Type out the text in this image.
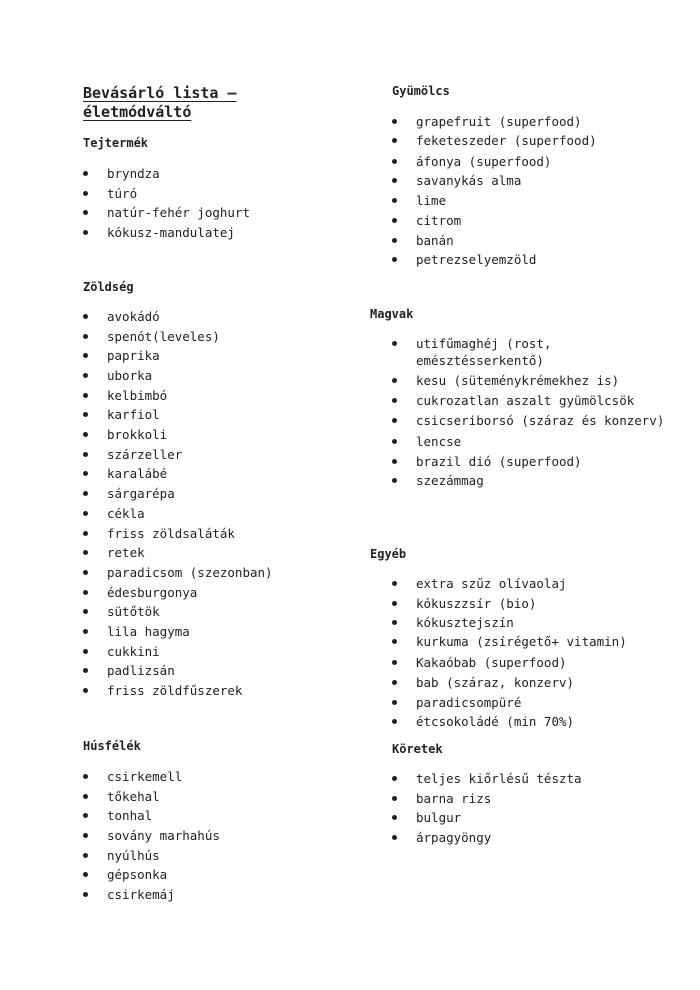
Bevásárló lista – életmódváltó
Tejtermék
bryndza
túró
natúr-fehér joghurt
kókusz-mandulatej
Zöldség
avokádó
spenót(leveles)
paprika
uborka
kelbimbó
karfiol
brokkoli
szárzeller
karalábé
sárgarépa
cékla
friss zöldsaláták
retek
paradicsom (szezonban)
édesburgonya
sütőtök
lila hagyma
cukkini
padlizsán
friss zöldfűszerek
Húsfélék
csirkemell
tőkehal
tonhal
sovány marhahús
nyúlhús
gépsonka
csirkemáj
Gyümölcs
grapefruit (superfood)
feketeszeder (superfood)
áfonya (superfood)
savanykás alma
lime
citrom
banán
petrezselyemzöld
Magvak
utifűmaghéj (rost, emésztésserkentő)
kesu (süteménykrémekhez is)
cukrozatlan aszalt gyümölcsök
csicseriborsó (száraz és konzerv)
lencse
brazil dió (superfood)
szezámmag
Egyéb
extra szűz olívaolaj
kókuszzsír (bio)
kókusztejszín
kurkuma (zsírégető+ vitamin)
Kakaóbab (superfood)
bab (száraz, konzerv)
paradicsompüré
étcsokoládé (min 70%)
Köretek
teljes kiőrlésű tészta
barna rizs
bulgur
árpagyöngy
